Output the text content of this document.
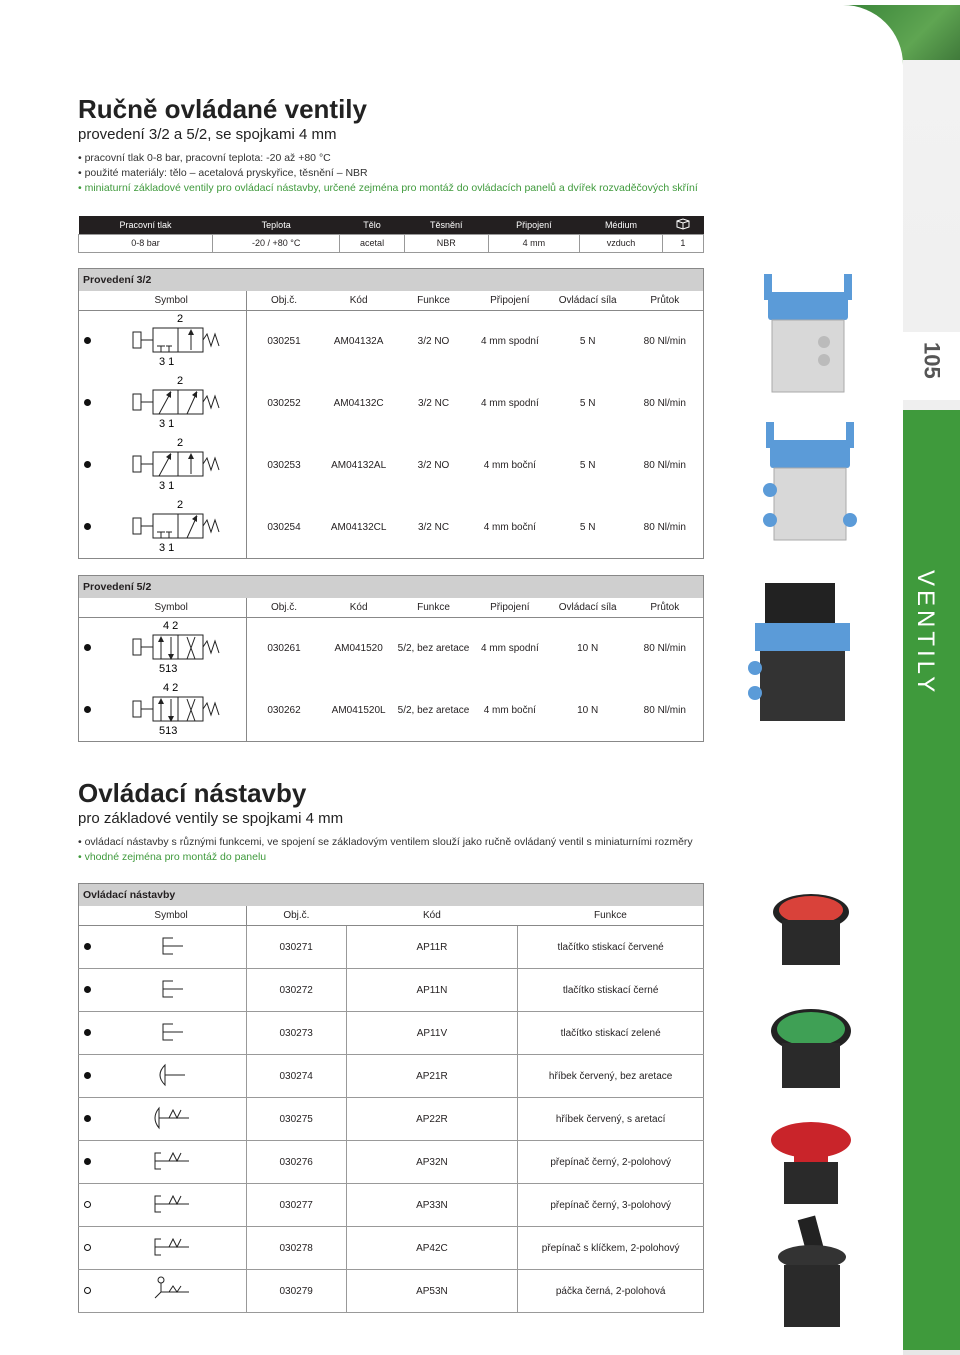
105
VENTILY
Ručně ovládané ventily
provedení 3/2 a 5/2, se spojkami 4 mm
• pracovní tlak 0-8 bar, pracovní teplota: -20 až +80 °C
• použité materiály: tělo – acetalová pryskyřice, těsnění – NBR
• miniaturní základové ventily pro ovládací nástavby, určené zejména pro montáž do ovládacích panelů a dvířek rozvaděčových skříní
Pracovní tlak	Teplota	Tělo	Těsnění	Připojení	Médium	
0-8 bar	-20 / +80 °C	acetal	NBR	4 mm	vzduch	1
Provedení 3/2							
	Symbol	Obj.č.	Kód	Funkce	Připojení	Ovládací síla	Průtok

2
3 1	030251	AM04132A	3/2 NO	4 mm spodní	5 N	80 Nl/min

2
3 1	030252	AM04132C	3/2 NC	4 mm spodní	5 N	80 Nl/min

2
3 1	030253	AM04132AL	3/2 NO	4 mm boční	5 N	80 Nl/min

2
3 1	030254	AM04132CL	3/2 NC	4 mm boční	5 N	80 Nl/min
Provedení 5/2							
	Symbol	Obj.č.	Kód	Funkce	Připojení	Ovládací síla	Průtok

4 2
513	030261	AM041520	5/2, bez aretace	4 mm spodní	10 N	80 Nl/min

4 2
513	030262	AM041520L	5/2, bez aretace	4 mm boční	10 N	80 Nl/min
Ovládací nástavby
pro základové ventily se spojkami 4 mm
• ovládací nástavby s různými funkcemi, ve spojení se základovým ventilem slouží jako ručně ovládaný ventil s miniaturními rozměry
• vhodné zejména pro montáž do panelu
Ovládací nástavby				
	Symbol	Obj.č.	Kód	Funkce
		030271	AP11R	tlačítko stiskací červené
		030272	AP11N	tlačítko stiskací černé
		030273	AP11V	tlačítko stiskací zelené
		030274	AP21R	hříbek červený, bez aretace
		030275	AP22R	hříbek červený, s aretací
		030276	AP32N	přepínač černý, 2-polohový
		030277	AP33N	přepínač černý, 3-polohový
		030278	AP42C	přepínač s klíčkem, 2-polohový
		030279	AP53N	páčka černá, 2-polohová
